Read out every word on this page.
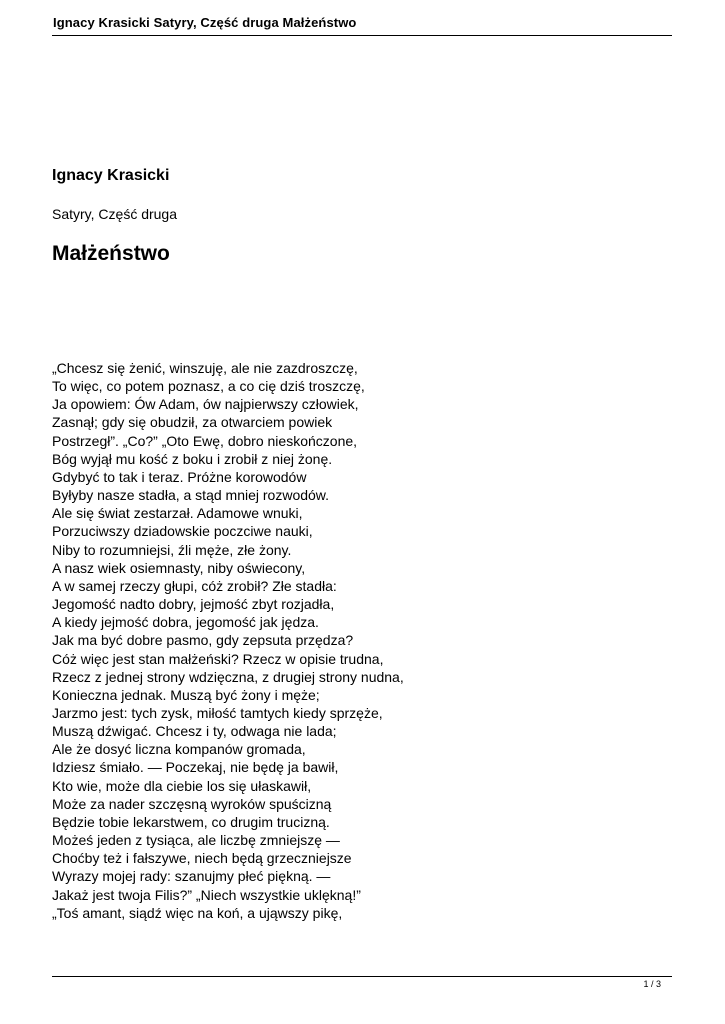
Ignacy Krasicki Satyry, Część druga Małżeństwo
Ignacy Krasicki
Satyry, Część druga
Małżeństwo
„Chcesz się żenić, winszuję, ale nie zazdroszczę,
To więc, co potem poznasz, a co cię dziś troszczę,
Ja opowiem: Ów Adam, ów najpierwszy człowiek,
Zasnął; gdy się obudził, za otwarciem powiek
Postrzegł”. „Co?” „Oto Ewę, dobro nieskończone,
Bóg wyjął mu kość z boku i zrobił z niej żonę.
Gdybyć to tak i teraz. Próżne korowodów
Byłyby nasze stadła, a stąd mniej rozwodów.
Ale się świat zestarzał. Adamowe wnuki,
Porzuciwszy dziadowskie poczciwe nauki,
Niby to rozumniejsi, źli męże, złe żony.
A nasz wiek osiemnasty, niby oświecony,
A w samej rzeczy głupi, cóż zrobił? Złe stadła:
Jegomość nadto dobry, jejmość zbyt rozjadła,
A kiedy jejmość dobra, jegomość jak jędza.
Jak ma być dobre pasmo, gdy zepsuta przędza?
Cóż więc jest stan małżeński? Rzecz w opisie trudna,
Rzecz z jednej strony wdzięczna, z drugiej strony nudna,
Konieczna jednak. Muszą być żony i męże;
Jarzmo jest: tych zysk, miłość tamtych kiedy sprzęże,
Muszą dźwigać. Chcesz i ty, odwaga nie lada;
Ale że dosyć liczna kompanów gromada,
Idziesz śmiało. — Poczekaj, nie będę ja bawił,
Kto wie, może dla ciebie los się ułaskawił,
Może za nader szczęsną wyroków spuścizną
Będzie tobie lekarstwem, co drugim trucizną.
Możeś jeden z tysiąca, ale liczbę zmniejszę —
Choćby też i fałszywe, niech będą grzeczniejsze
Wyrazy mojej rady: szanujmy płeć piękną. —
Jakaż jest twoja Filis?” „Niech wszystkie uklękną!”
„Toś amant, siądź więc na koń, a ująwszy pikę,
1 / 3
